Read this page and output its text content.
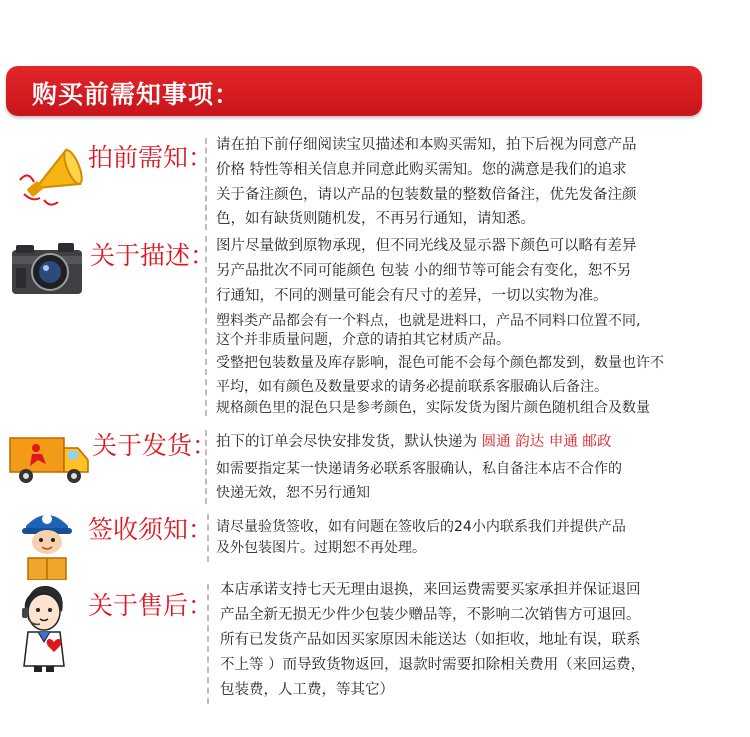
购买前需知事项：
拍前需知： 请在拍下前仔细阅读宝贝描述和本购买需知，拍下后视为同意产品
价格 特性等相关信息并同意此购买需知。您的满意是我们的追求
关于备注颜色，请以产品的包装数量的整数倍备注，优先发备注颜
色，如有缺货则随机发，不再另行通知，请知悉。
关于描述： 图片尽量做到原物承现，但不同光线及显示器下颜色可以略有差异
另产品批次不同可能颜色 包装 小的细节等可能会有变化，恕不另
行通知，不同的测量可能会有尺寸的差异，一切以实物为准。
塑料类产品都会有一个料点，也就是进料口，产品不同料口位置不同,
这个并非质量问题，介意的请拍其它材质产品。
受整把包装数量及库存影响，混色可能不会每个颜色都发到，数量也许不
平均，如有颜色及数量要求的请务必提前联系客服确认后备注。
规格颜色里的混色只是参考颜色，实际发货为图片颜色随机组合及数量
关于发货：
拍下的订单会尽快安排发货，默认快递为 圆通 韵达 申通 邮政
如需要指定某一快递请务必联系客服确认，私自备注本店不合作的
快递无效，恕不另行通知
签收须知： 请尽量验货签收，如有问题在签收后的24小内联系我们并提供产品
及外包装图片。过期恕不再处理。
关于售后：
本店承诺支持七天无理由退换，来回运费需要买家承担并保证退回
产品全新无损无少件少包装少赠品等，不影响二次销售方可退回。
所有已发货产品如因买家原因未能送达（如拒收，地址有误，联系
不上等 ）而导致货物返回，退款时需要扣除相关费用（来回运费，
包装费，人工费，等其它）
